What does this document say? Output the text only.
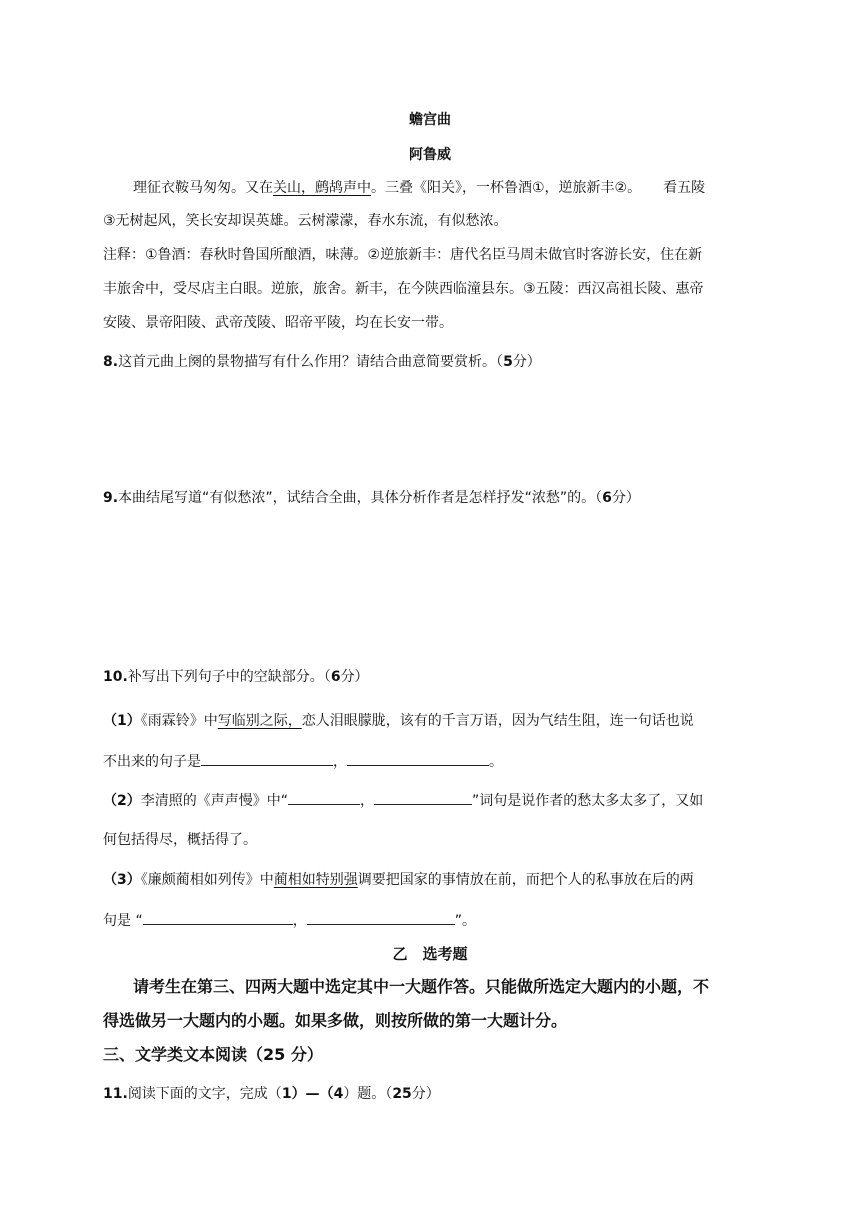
蟾宫曲
阿鲁威
理征衣鞍马匆匆。又在关山，鹧鸪声中。三叠《阳关》，一杯鲁酒①，逆旅新丰②。 看五陵
③无树起风，笑长安却误英雄。云树濛濛，春水东流，有似愁浓。
注释：①鲁酒：春秋时鲁国所酿酒，味薄。②逆旅新丰：唐代名臣马周未做官时客游长安，住在新
丰旅舍中，受尽店主白眼。逆旅，旅舍。新丰，在今陕西临潼县东。③五陵：西汉高祖长陵、惠帝
安陵、景帝阳陵、武帝茂陵、昭帝平陵，均在长安一带。
8.这首元曲上阕的景物描写有什么作用？请结合曲意简要赏析。（5分）
9.本曲结尾写道“有似愁浓”，试结合全曲，具体分析作者是怎样抒发“浓愁”的。（6分）
10.补写出下列句子中的空缺部分。（6分）
（1）《雨霖铃》中写临别之际，恋人泪眼朦胧，该有的千言万语，因为气结生阻，连一句话也说
不出来的句子是	，	。
（2）李清照的《声声慢》中“	，	”词句是说作者的愁太多太多了，又如
何包括得尽，概括得了。
（3）《廉颇蔺相如列传》中蔺相如特别强调要把国家的事情放在前，而把个人的私事放在后的两
句是 “	，	”。
乙　选考题
请考生在第三、四两大题中选定其中一大题作答。只能做所选定大题内的小题，不
得选做另一大题内的小题。如果多做，则按所做的第一大题计分。
三、文学类文本阅读（25 分）
11.阅读下面的文字，完成（1）—（4）题。（25分）
